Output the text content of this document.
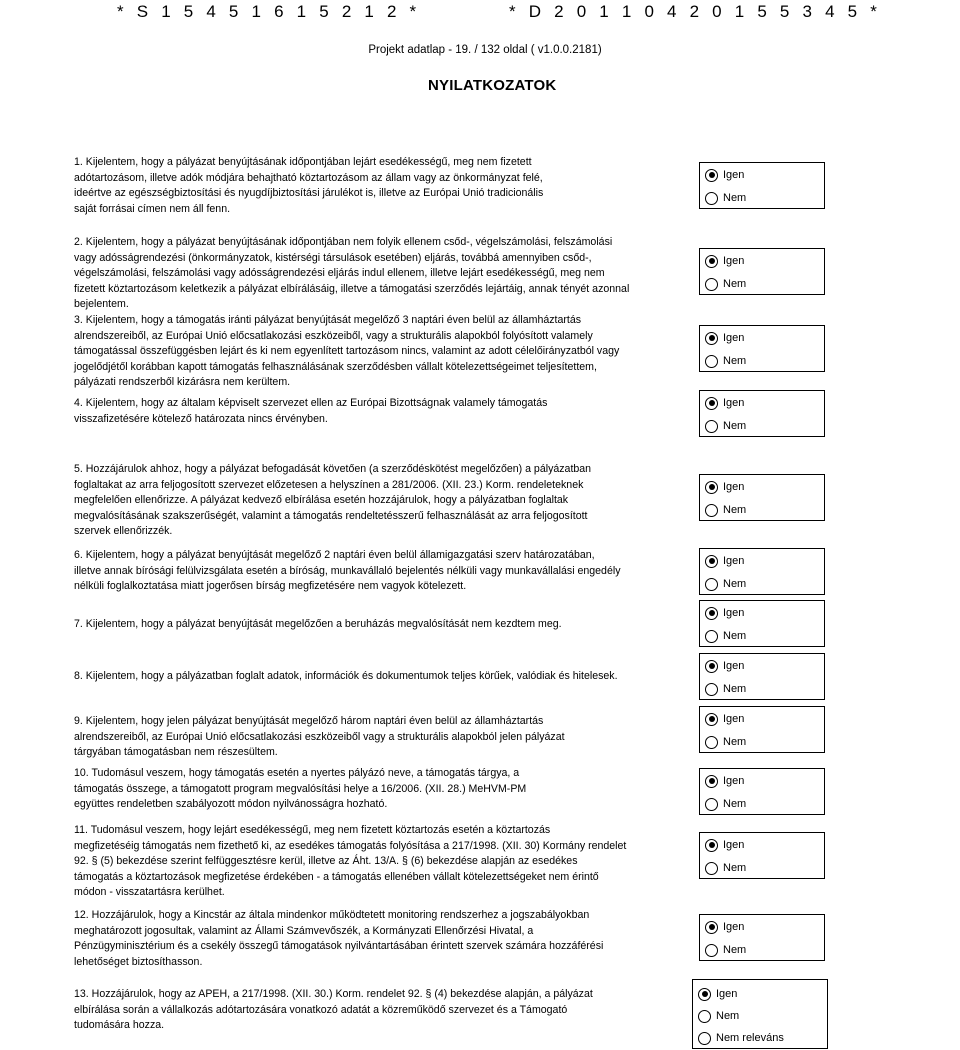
* S 1 5 4 5 1 6 1 5 2 1 2 *	* D 2 0 1 1 0 4 2 0 1 5 5 3 4 5 *
Projekt adatlap - 19. / 132 oldal ( v1.0.0.2181)
NYILATKOZATOK
1. Kijelentem, hogy a pályázat benyújtásának időpontjában lejárt esedékességű, meg nem fizetett
adótartozásom, illetve adók módjára behajtható köztartozásom az állam vagy az önkormányzat felé,
ideértve az egészségbiztosítási és nyugdíjbiztosítási járulékot is, illetve az Európai Unió tradicionális
saját forrásai címen nem áll fenn.
Igen
Nem
2. Kijelentem, hogy a pályázat benyújtásának időpontjában nem folyik ellenem csőd-, végelszámolási, felszámolási
vagy adósságrendezési (önkormányzatok, kistérségi társulások esetében) eljárás, továbbá amennyiben csőd-,
végelszámolási, felszámolási vagy adósságrendezési eljárás indul ellenem, illetve lejárt esedékességű, meg nem
fizetett köztartozásom keletkezik a pályázat elbírálásáig, illetve a támogatási szerződés lejártáig, annak tényét azonnal
bejelentem.
Igen
Nem
3. Kijelentem, hogy a támogatás iránti pályázat benyújtását megelőző 3 naptári éven belül az államháztartás
alrendszereiből, az Európai Unió előcsatlakozási eszközeiből, vagy a strukturális alapokból folyósított valamely
támogatással összefüggésben lejárt és ki nem egyenlített tartozásom nincs, valamint az adott célelőirányzatból vagy
jogelődjétől korábban kapott támogatás felhasználásának szerződésben vállalt kötelezettségeimet teljesítettem,
pályázati rendszerből kizárásra nem kerültem.
Igen
Nem
4. Kijelentem, hogy az általam képviselt szervezet ellen az Európai Bizottságnak valamely támogatás
visszafizetésére kötelező határozata nincs érvényben.
Igen
Nem
5. Hozzájárulok ahhoz, hogy a pályázat befogadását követően (a szerződéskötést megelőzően) a pályázatban
foglaltakat az arra feljogosított szervezet előzetesen a helyszínen a 281/2006. (XII. 23.) Korm. rendeleteknek
megfelelően ellenőrizze. A pályázat kedvező elbírálása esetén hozzájárulok, hogy a pályázatban foglaltak
megvalósításának szakszerűségét, valamint a támogatás rendeltetésszerű felhasználását az arra feljogosított
szervek ellenőrizzék.
Igen
Nem
6. Kijelentem, hogy a pályázat benyújtását megelőző 2 naptári éven belül államigazgatási szerv határozatában,
illetve annak bírósági felülvizsgálata esetén a bíróság, munkavállaló bejelentés nélküli vagy munkavállalási engedély
nélküli foglalkoztatása miatt jogerősen bírság megfizetésére nem vagyok kötelezett.
Igen
Nem
7. Kijelentem, hogy a pályázat benyújtását megelőzően a beruházás megvalósítását nem kezdtem meg.
Igen
Nem
8. Kijelentem, hogy a pályázatban foglalt adatok, információk és dokumentumok teljes körűek, valódiak és hitelesek.
Igen
Nem
9. Kijelentem, hogy jelen pályázat benyújtását megelőző három naptári éven belül az államháztartás
alrendszereiből, az Európai Unió előcsatlakozási eszközeiből vagy a strukturális alapokból jelen pályázat
tárgyában támogatásban nem részesültem.
Igen
Nem
10. Tudomásul veszem, hogy támogatás esetén a nyertes pályázó neve, a támogatás tárgya, a
támogatás összege, a támogatott program megvalósítási helye a 16/2006. (XII. 28.) MeHVM-PM
együttes rendeletben szabályozott módon nyilvánosságra hozható.
Igen
Nem
11. Tudomásul veszem, hogy lejárt esedékességű, meg nem fizetett köztartozás esetén a köztartozás
megfizetéséig támogatás nem fizethető ki, az esedékes támogatás folyósítása a 217/1998. (XII. 30) Kormány rendelet
92. § (5) bekezdése szerint felfüggesztésre kerül, illetve az Áht. 13/A. § (6) bekezdése alapján az esedékes
támogatás a köztartozások megfizetése érdekében - a támogatás ellenében vállalt kötelezettségeket nem érintő
módon - visszatartásra kerülhet.
Igen
Nem
12. Hozzájárulok, hogy a Kincstár az általa mindenkor működtetett monitoring rendszerhez a jogszabályokban
meghatározott jogosultak, valamint az Állami Számvevőszék, a Kormányzati Ellenőrzési Hivatal, a
Pénzügyminisztérium és a csekély összegű támogatások nyilvántartásában érintett szervek számára hozzáférési
lehetőséget biztosíthasson.
Igen
Nem
13. Hozzájárulok, hogy az APEH, a 217/1998. (XII. 30.) Korm. rendelet 92. § (4) bekezdése alapján, a pályázat
elbírálása során a vállalkozás adótartozására vonatkozó adatát a közreműködő szervezet és a Támogató
tudomására hozza.
Igen
Nem
Nem releváns
